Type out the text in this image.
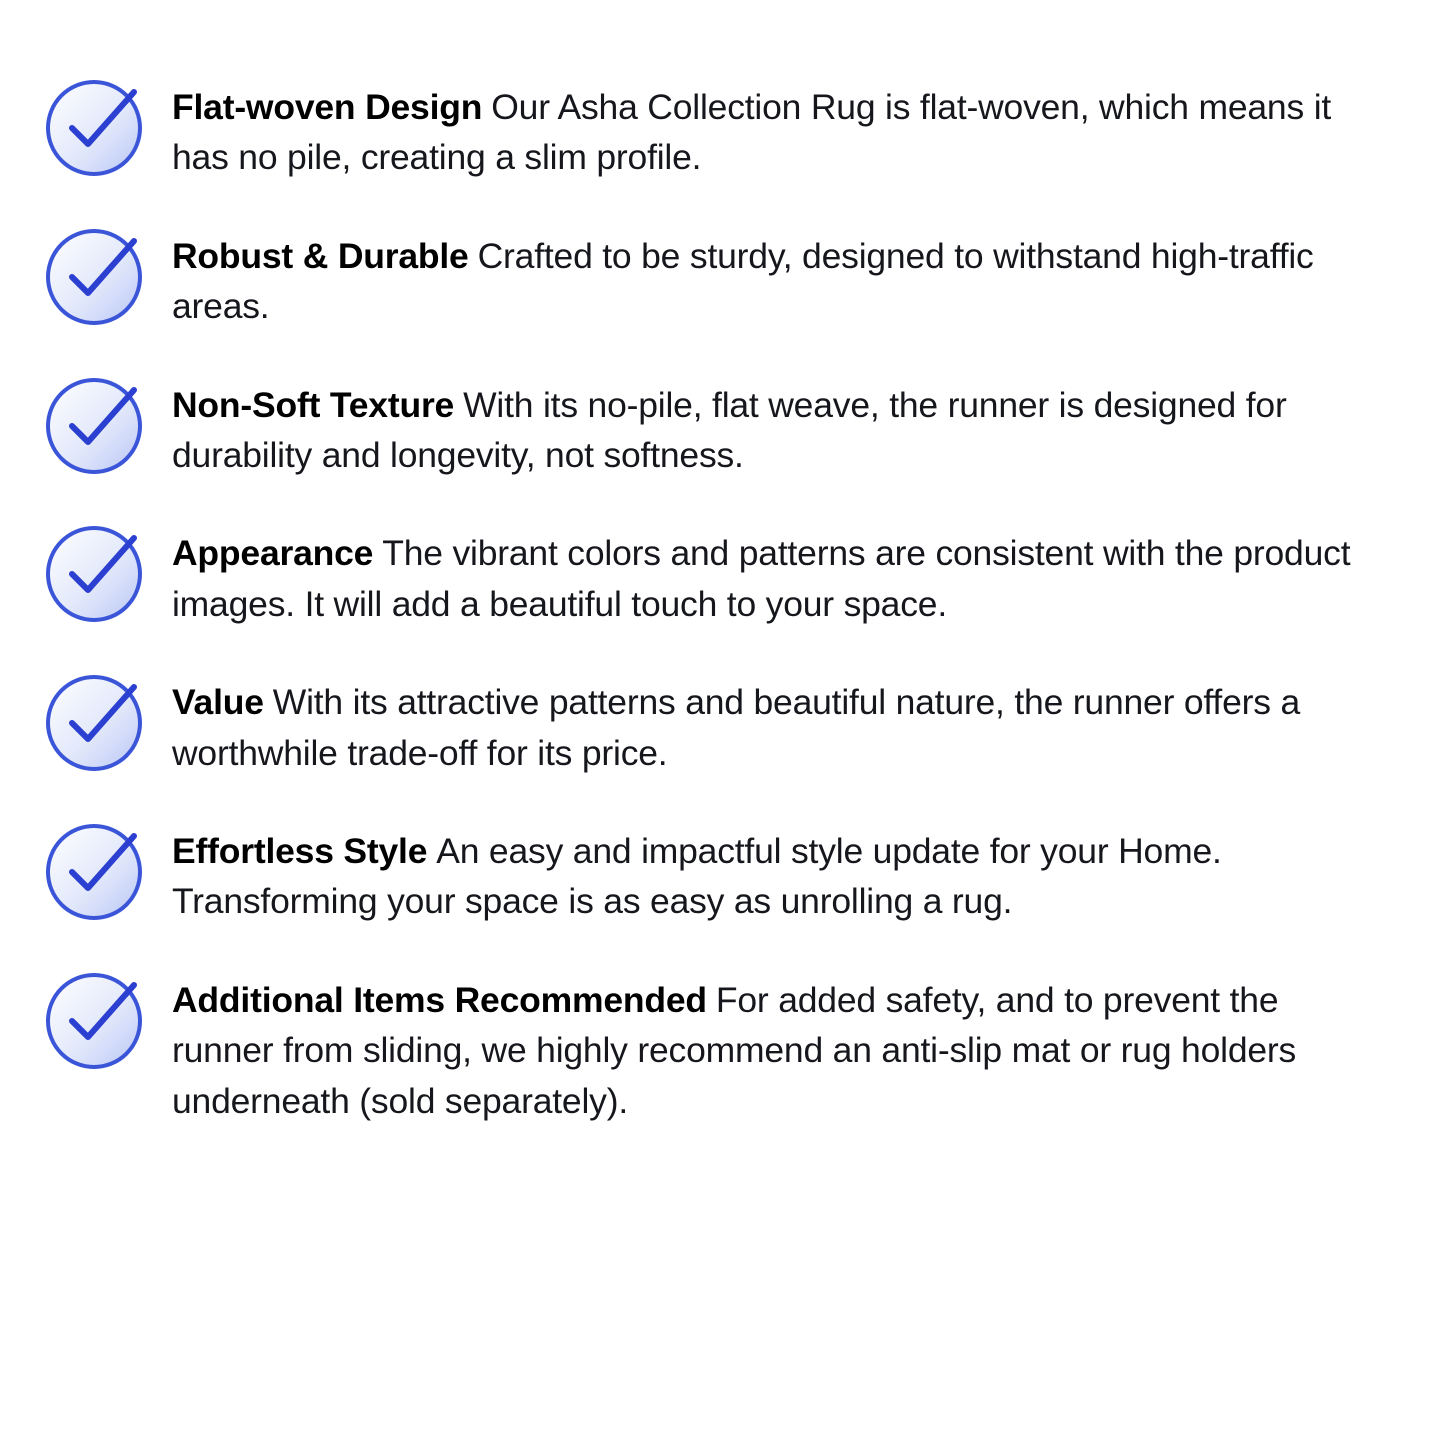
Flat-woven Design Our Asha Collection Rug is flat-woven, which means it has no pile, creating a slim profile.
Robust & Durable Crafted to be sturdy, designed to withstand high-traffic areas.
Non-Soft Texture With its no-pile, flat weave, the runner is designed for durability and longevity, not softness.
Appearance The vibrant colors and patterns are consistent with the product images. It will add a beautiful touch to your space.
Value With its attractive patterns and beautiful nature, the runner offers a worthwhile trade-off for its price.
Effortless Style An easy and impactful style update for your Home. Transforming your space is as easy as unrolling a rug.
Additional Items Recommended For added safety, and to prevent the runner from sliding, we highly recommend an anti-slip mat or rug holders underneath (sold separately).
